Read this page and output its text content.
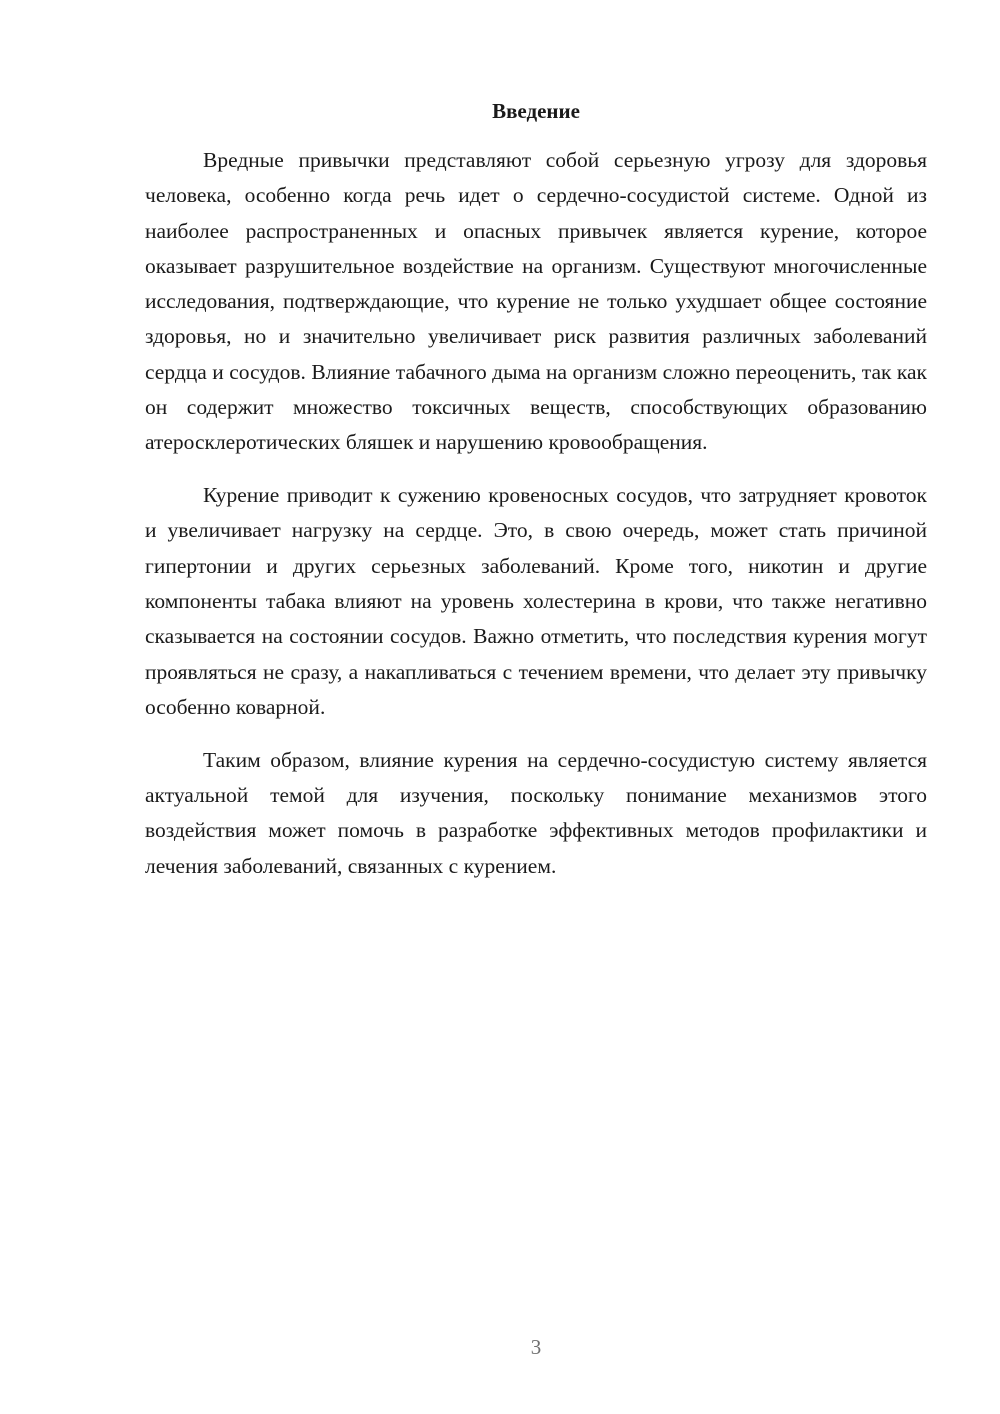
Введение

Вредные привычки представляют собой серьезную угрозу для здоровья человека, особенно когда речь идет о сердечно-сосудистой системе. Одной из наиболее распространенных и опасных привычек является курение, которое оказывает разрушительное воздействие на организм. Существуют многочисленные исследования, подтверждающие, что курение не только ухудшает общее состояние здоровья, но и значительно увеличивает риск развития различных заболеваний сердца и сосудов. Влияние табачного дыма на организм сложно переоценить, так как он содержит множество токсичных веществ, способствующих образованию атеросклеротических бляшек и нарушению кровообращения.

Курение приводит к сужению кровеносных сосудов, что затрудняет кровоток и увеличивает нагрузку на сердце. Это, в свою очередь, может стать причиной гипертонии и других серьезных заболеваний. Кроме того, никотин и другие компоненты табака влияют на уровень холестерина в крови, что также негативно сказывается на состоянии сосудов. Важно отметить, что последствия курения могут проявляться не сразу, а накапливаться с течением времени, что делает эту привычку особенно коварной.

Таким образом, влияние курения на сердечно-сосудистую систему является актуальной темой для изучения, поскольку понимание механизмов этого воздействия может помочь в разработке эффективных методов профилактики и лечения заболеваний, связанных с курением.

3
